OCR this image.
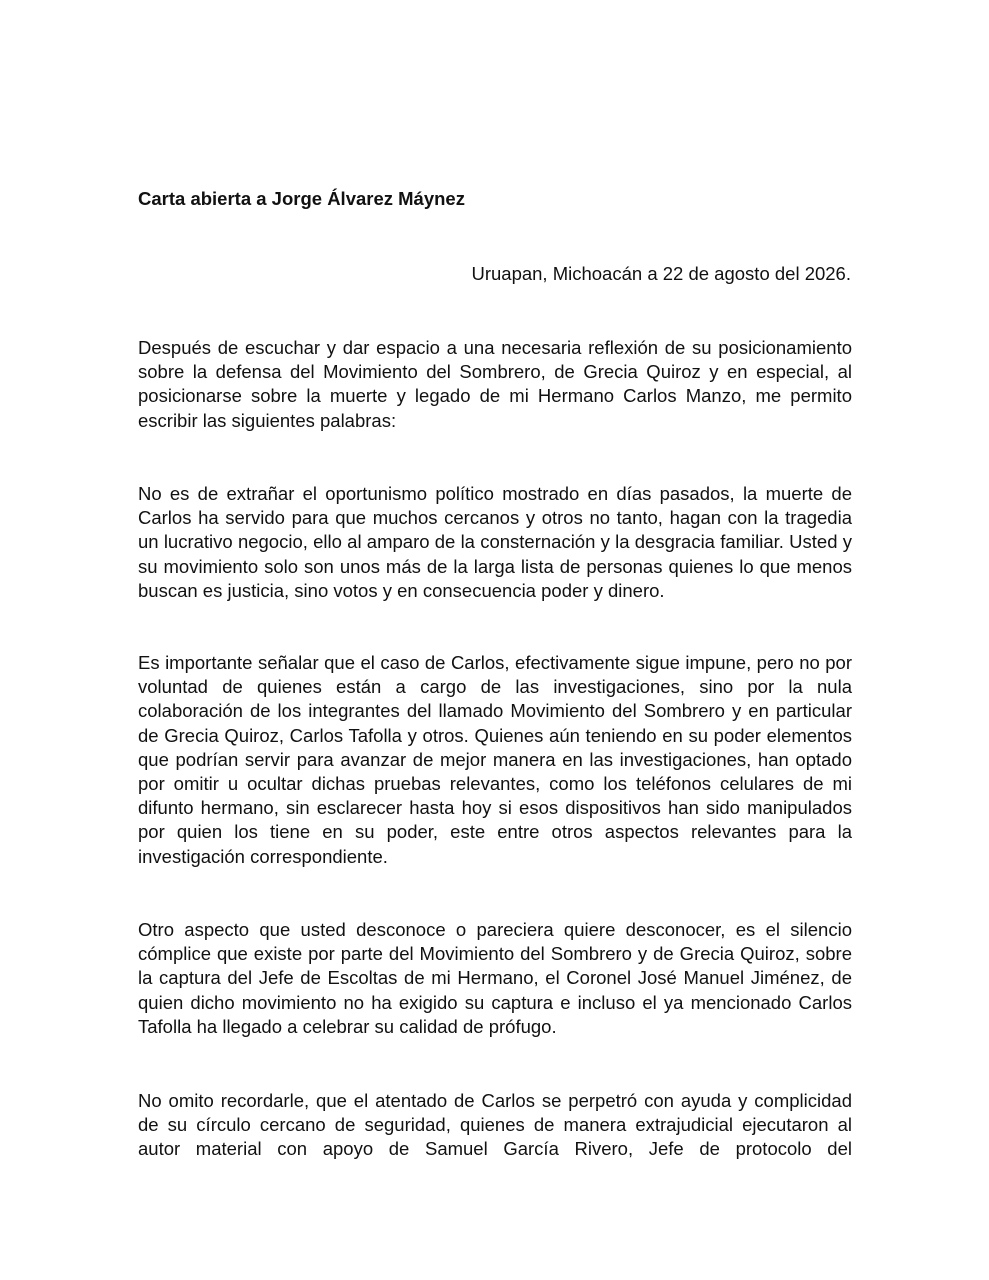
Carta abierta a Jorge Álvarez Máynez

Uruapan, Michoacán a 22 de agosto del 2026.

Después de escuchar y dar espacio a una necesaria reflexión de su posicionamiento sobre la defensa del Movimiento del Sombrero, de Grecia Quiroz y en especial, al posicionarse sobre la muerte y legado de mi Hermano Carlos Manzo, me permito escribir las siguientes palabras:

No es de extrañar el oportunismo político mostrado en días pasados, la muerte de Carlos ha servido para que muchos cercanos y otros no tanto, hagan con la tragedia un lucrativo negocio, ello al amparo de la consternación y la desgracia familiar. Usted y su movimiento solo son unos más de la larga lista de personas quienes lo que menos buscan es justicia, sino votos y en consecuencia poder y dinero.

Es importante señalar que el caso de Carlos, efectivamente sigue impune, pero no por voluntad de quienes están a cargo de las investigaciones, sino por la nula colaboración de los integrantes del llamado Movimiento del Sombrero y en particular de Grecia Quiroz, Carlos Tafolla y otros. Quienes aún teniendo en su poder elementos que podrían servir para avanzar de mejor manera en las investigaciones, han optado por omitir u ocultar dichas pruebas relevantes, como los teléfonos celulares de mi difunto hermano, sin esclarecer hasta hoy si esos dispositivos han sido manipulados por quien los tiene en su poder, este entre otros aspectos relevantes para la investigación correspondiente.

Otro aspecto que usted desconoce o pareciera quiere desconocer, es el silencio cómplice que existe por parte del Movimiento del Sombrero y de Grecia Quiroz, sobre la captura del Jefe de Escoltas de mi Hermano, el Coronel José Manuel Jiménez, de quien dicho movimiento no ha exigido su captura e incluso el ya mencionado Carlos Tafolla ha llegado a celebrar su calidad de prófugo.

No omito recordarle, que el atentado de Carlos se perpetró con ayuda y complicidad de su círculo cercano de seguridad, quienes de manera extrajudicial ejecutaron al autor material con apoyo de Samuel García Rivero, Jefe de protocolo del
